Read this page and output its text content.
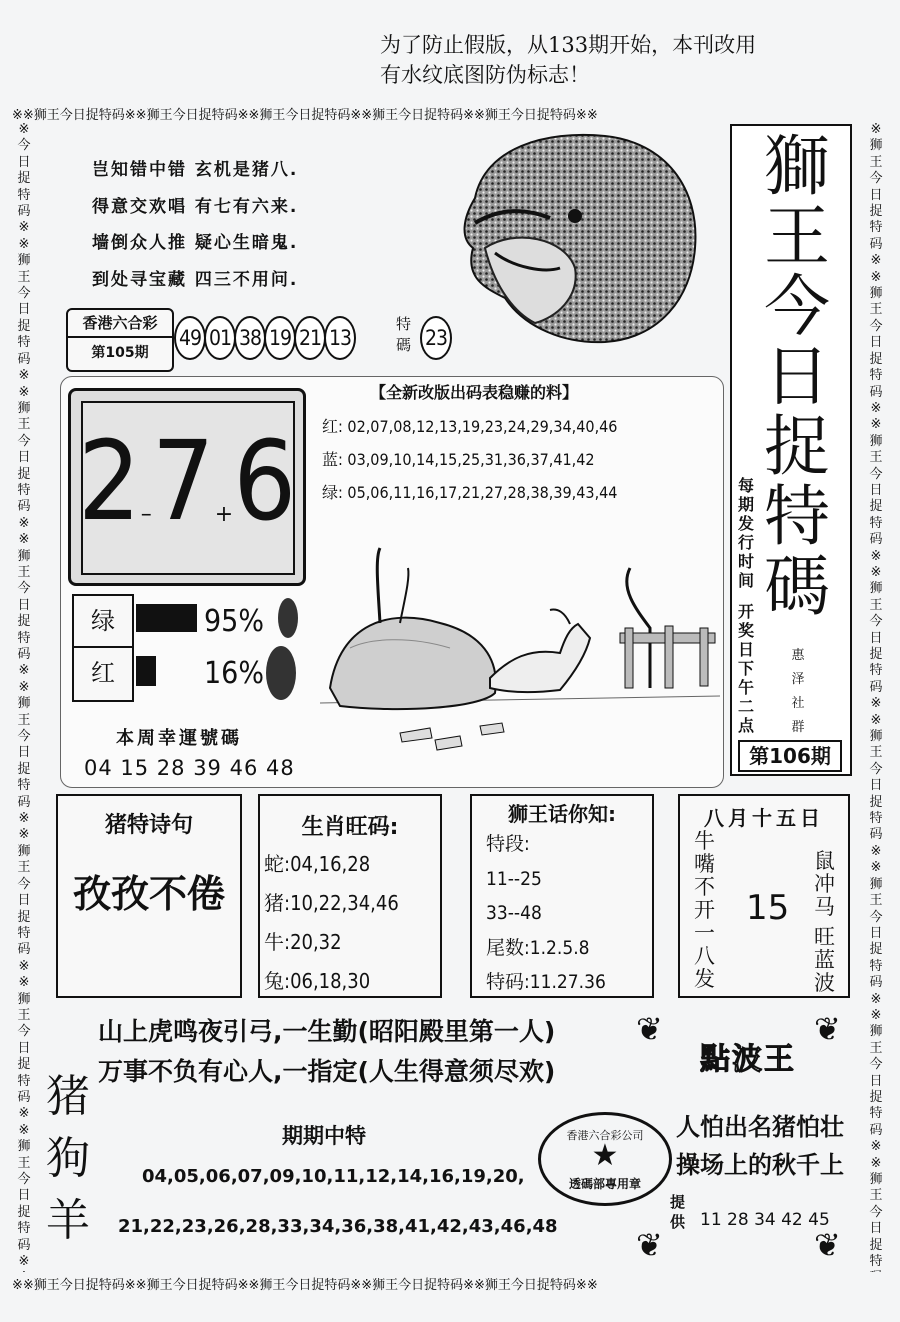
为了防止假版，从133期开始，本刊改用
有水纹底图防伪标志！
※※狮王今日捉特码※※狮王今日捉特码※※狮王今日捉特码※※狮王今日捉特码※※狮王今日捉特码※※
※※狮王今日捉特码※※狮王今日捉特码※※狮王今日捉特码※※狮王今日捉特码※※狮王今日捉特码※※
※今日捉特码※※狮王今日捉特码※※狮王今日捉特码※※狮王今日捉特码※※狮王今日捉特码※※狮王今日捉特码※※狮王今日捉特码※※狮王今日捉特码※
※狮王今日捉特码※※狮王今日捉特码※※狮王今日捉特码※※狮王今日捉特码※※狮王今日捉特码※※狮王今日捉特码※※狮王今日捉特码※※狮王今日捉特
岂知错中错 玄机是猪八.
得意交欢唱 有七有六来.
墙倒众人推 疑心生暗鬼.
到处寻宝藏 四三不用问.
香港六合彩
第105期
49 01 38 19 21 13
特碼 23
獅
王
今
日
捉
特
碼
每期发行时间
开奖日下午二点
惠
泽
社
群
第106期
2–7+6
绿
红
95%
16%
本周幸運號碼
04 15 28 39 46 48
【全新改版出码表稳赚的料】
红: 02,07,08,12,13,19,23,24,29,34,40,46
蓝: 03,09,10,14,15,25,31,36,37,41,42
绿: 05,06,11,16,17,21,27,28,38,39,43,44
猪特诗句
孜孜不倦
生肖旺码:
蛇:04,16,28
猪:10,22,34,46
牛:20,32
兔:06,18,30
狮王话你知:
特段:
11--25
33--48
尾数:1.2.5.8
特码:11.27.36
八月十五日
牛嘴不开一八发
15
鼠冲马
旺蓝波
山上虎鸣夜引弓,一生勤(昭阳殿里第一人)
万事不负有心人,一指定(人生得意须尽欢)
猪
狗
羊
期期中特
04,05,06,07,09,10,11,12,14,16,19,20,
21,22,23,26,28,33,34,36,38,41,42,43,46,48
香港六合彩公司
★
透碼部專用章
❦	❦
❦	❦
點波王
人怕出名猪怕壮
操场上的秋千上
提供 11 28 34 42 45
